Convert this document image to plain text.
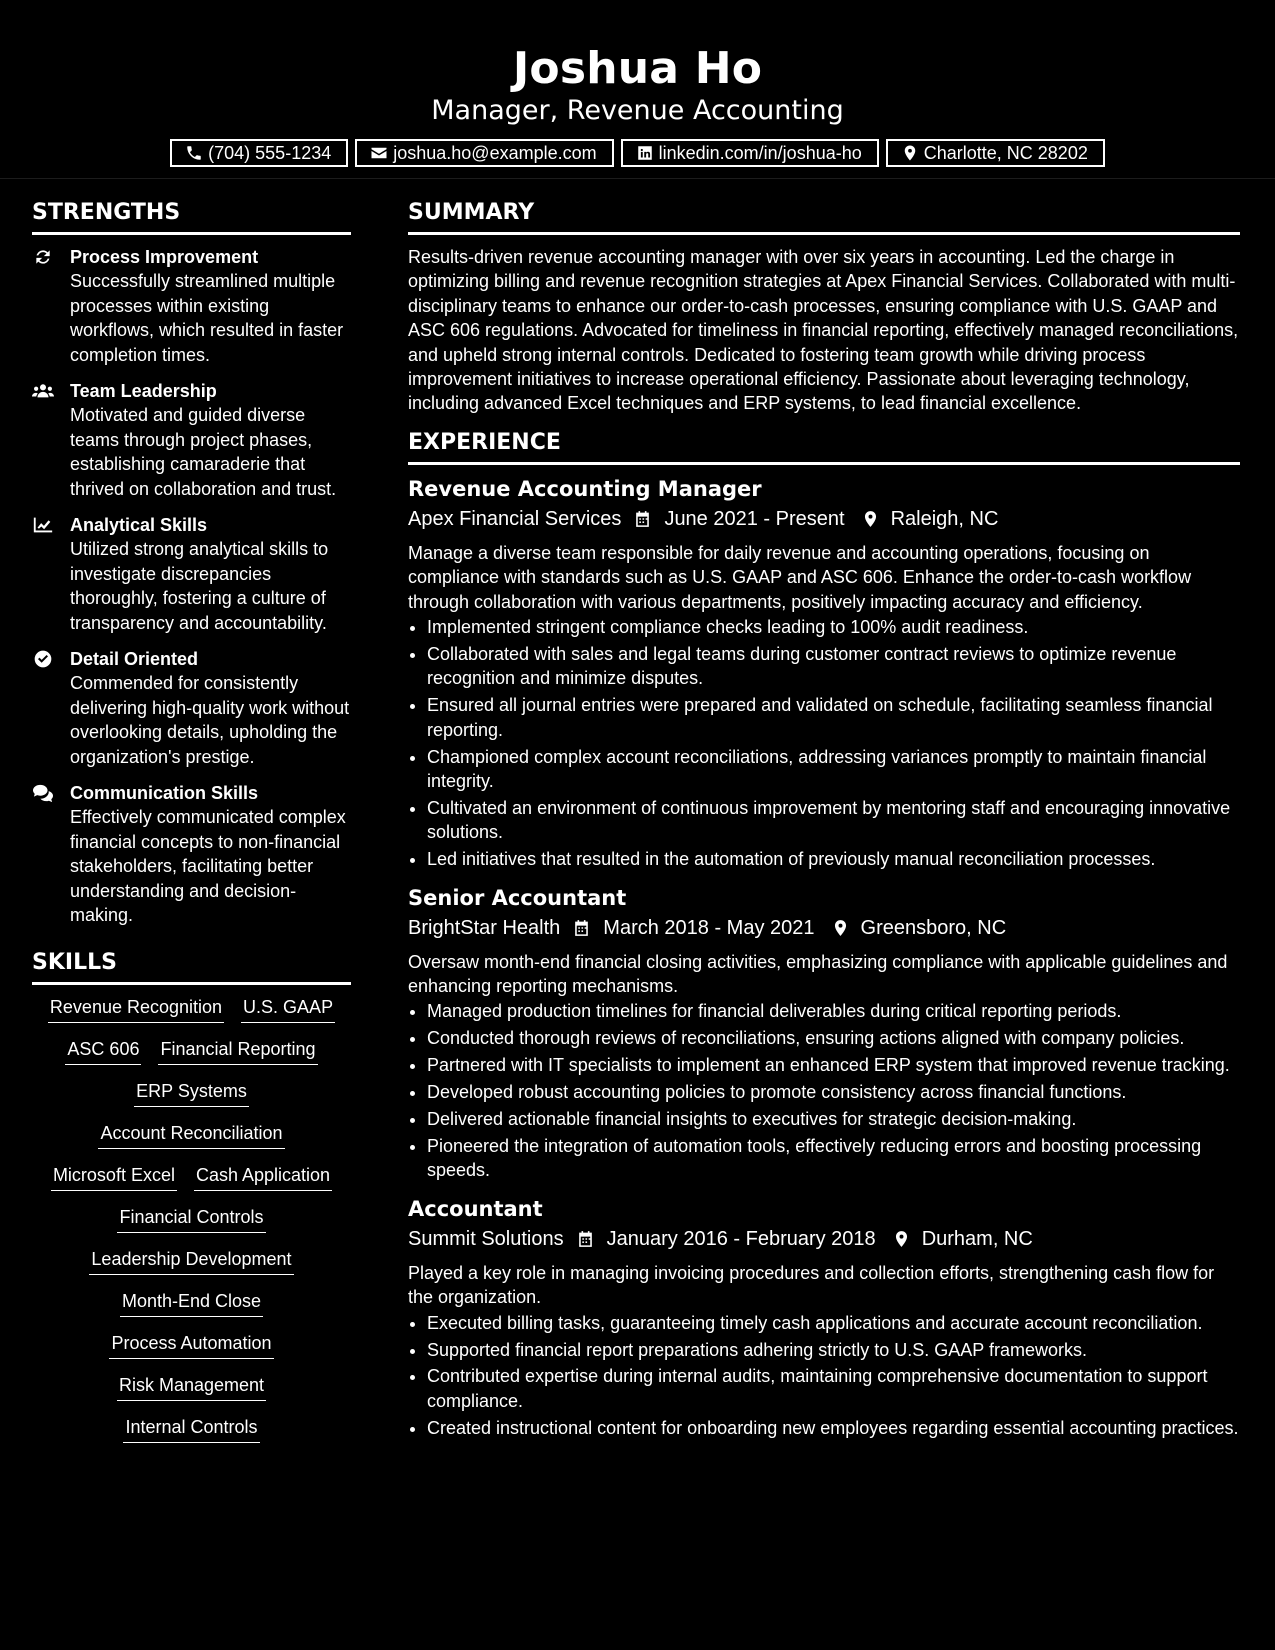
Joshua Ho
Manager, Revenue Accounting
(704) 555-1234	joshua.ho@example.com	linkedin.com/in/joshua-ho	Charlotte, NC 28202
STRENGTHS
Process Improvement
Successfully streamlined multiple processes within existing workflows, which resulted in faster completion times.
Team Leadership
Motivated and guided diverse teams through project phases, establishing camaraderie that thrived on collaboration and trust.
Analytical Skills
Utilized strong analytical skills to investigate discrepancies thoroughly, fostering a culture of transparency and accountability.
Detail Oriented
Commended for consistently delivering high-quality work without overlooking details, upholding the organization's prestige.
Communication Skills
Effectively communicated complex financial concepts to non-financial stakeholders, facilitating better understanding and decision-making.
SKILLS
Revenue Recognition U.S. GAAP
ASC 606 Financial Reporting
ERP Systems
Account Reconciliation
Microsoft Excel Cash Application
Financial Controls
Leadership Development
Month-End Close
Process Automation
Risk Management
Internal Controls
SUMMARY
Results-driven revenue accounting manager with over six years in accounting. Led the charge in optimizing billing and revenue recognition strategies at Apex Financial Services. Collaborated with multi-disciplinary teams to enhance our order-to-cash processes, ensuring compliance with U.S. GAAP and ASC 606 regulations. Advocated for timeliness in financial reporting, effectively managed reconciliations, and upheld strong internal controls. Dedicated to fostering team growth while driving process improvement initiatives to increase operational efficiency. Passionate about leveraging technology, including advanced Excel techniques and ERP systems, to lead financial excellence.
EXPERIENCE
Revenue Accounting Manager
Apex Financial Services June 2021 - Present Raleigh, NC
Manage a diverse team responsible for daily revenue and accounting operations, focusing on compliance with standards such as U.S. GAAP and ASC 606. Enhance the order-to-cash workflow through collaboration with various departments, positively impacting accuracy and efficiency.
• Implemented stringent compliance checks leading to 100% audit readiness.
• Collaborated with sales and legal teams during customer contract reviews to optimize revenue recognition and minimize disputes.
• Ensured all journal entries were prepared and validated on schedule, facilitating seamless financial reporting.
• Championed complex account reconciliations, addressing variances promptly to maintain financial integrity.
• Cultivated an environment of continuous improvement by mentoring staff and encouraging innovative solutions.
• Led initiatives that resulted in the automation of previously manual reconciliation processes.
Senior Accountant
BrightStar Health March 2018 - May 2021 Greensboro, NC
Oversaw month-end financial closing activities, emphasizing compliance with applicable guidelines and enhancing reporting mechanisms.
• Managed production timelines for financial deliverables during critical reporting periods.
• Conducted thorough reviews of reconciliations, ensuring actions aligned with company policies.
• Partnered with IT specialists to implement an enhanced ERP system that improved revenue tracking.
• Developed robust accounting policies to promote consistency across financial functions.
• Delivered actionable financial insights to executives for strategic decision-making.
• Pioneered the integration of automation tools, effectively reducing errors and boosting processing speeds.
Accountant
Summit Solutions January 2016 - February 2018 Durham, NC
Played a key role in managing invoicing procedures and collection efforts, strengthening cash flow for the organization.
• Executed billing tasks, guaranteeing timely cash applications and accurate account reconciliation.
• Supported financial report preparations adhering strictly to U.S. GAAP frameworks.
• Contributed expertise during internal audits, maintaining comprehensive documentation to support compliance.
• Created instructional content for onboarding new employees regarding essential accounting practices.
